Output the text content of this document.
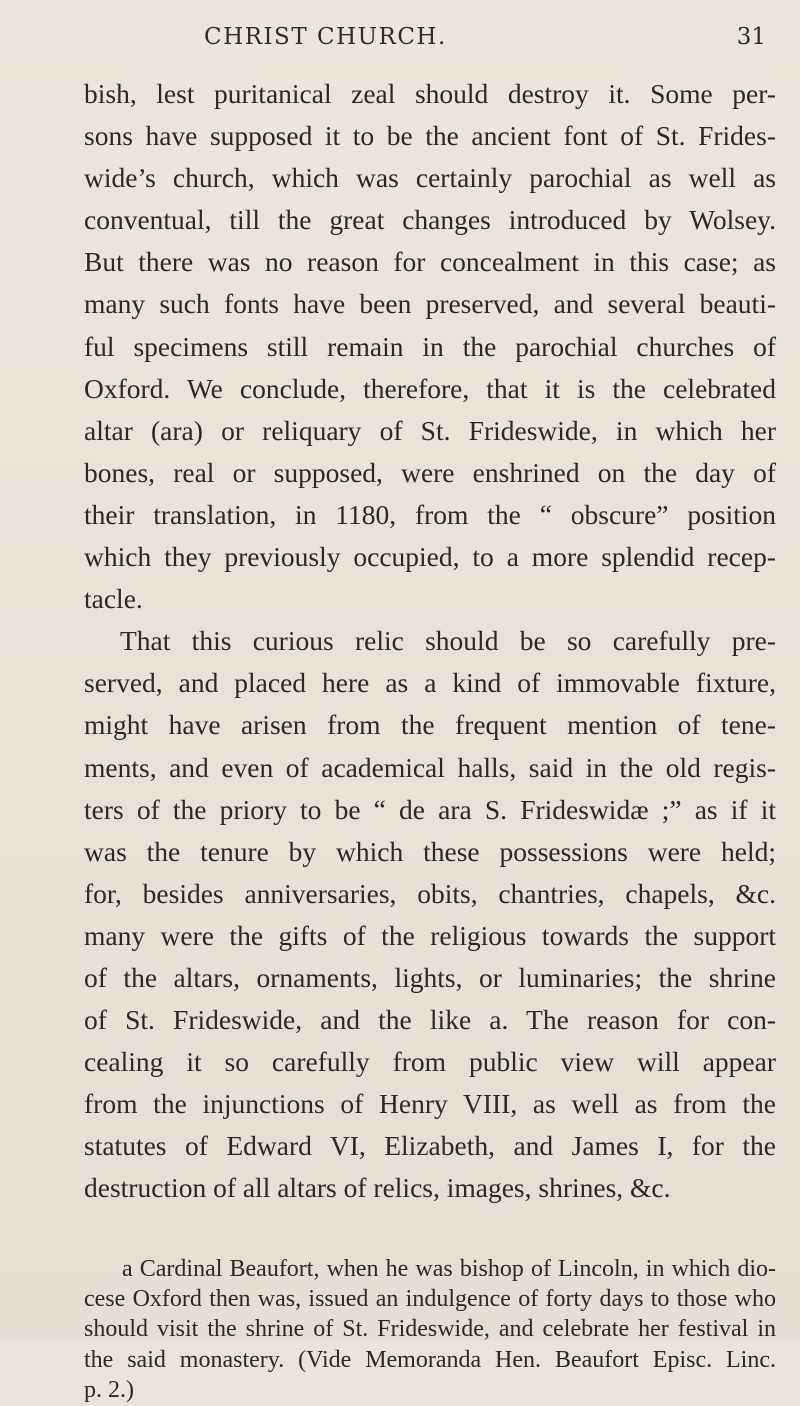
CHRIST CHURCH.	31
bish, lest puritanical zeal should destroy it. Some per-
sons have supposed it to be the ancient font of St. Frides-
wide’s church, which was certainly parochial as well as
conventual, till the great changes introduced by Wolsey.
But there was no reason for concealment in this case; as
many such fonts have been preserved, and several beauti-
ful specimens still remain in the parochial churches of
Oxford. We conclude, therefore, that it is the celebrated
altar (ara) or reliquary of St. Frideswide, in which her
bones, real or supposed, were enshrined on the day of
their translation, in 1180, from the “ obscure” position
which they previously occupied, to a more splendid recep-
tacle.
That this curious relic should be so carefully pre-
served, and placed here as a kind of immovable fixture,
might have arisen from the frequent mention of tene-
ments, and even of academical halls, said in the old regis-
ters of the priory to be “ de ara S. Frideswidæ ;” as if it
was the tenure by which these possessions were held;
for, besides anniversaries, obits, chantries, chapels, &c.
many were the gifts of the religious towards the support
of the altars, ornaments, lights, or luminaries; the shrine
of St. Frideswide, and the like a. The reason for con-
cealing it so carefully from public view will appear
from the injunctions of Henry VIII, as well as from the
statutes of Edward VI, Elizabeth, and James I, for the
destruction of all altars of relics, images, shrines, &c.
a Cardinal Beaufort, when he was bishop of Lincoln, in which dio-
cese Oxford then was, issued an indulgence of forty days to those who
should visit the shrine of St. Frideswide, and celebrate her festival in
the said monastery. (Vide Memoranda Hen. Beaufort Episc. Linc.
p. 2.)
